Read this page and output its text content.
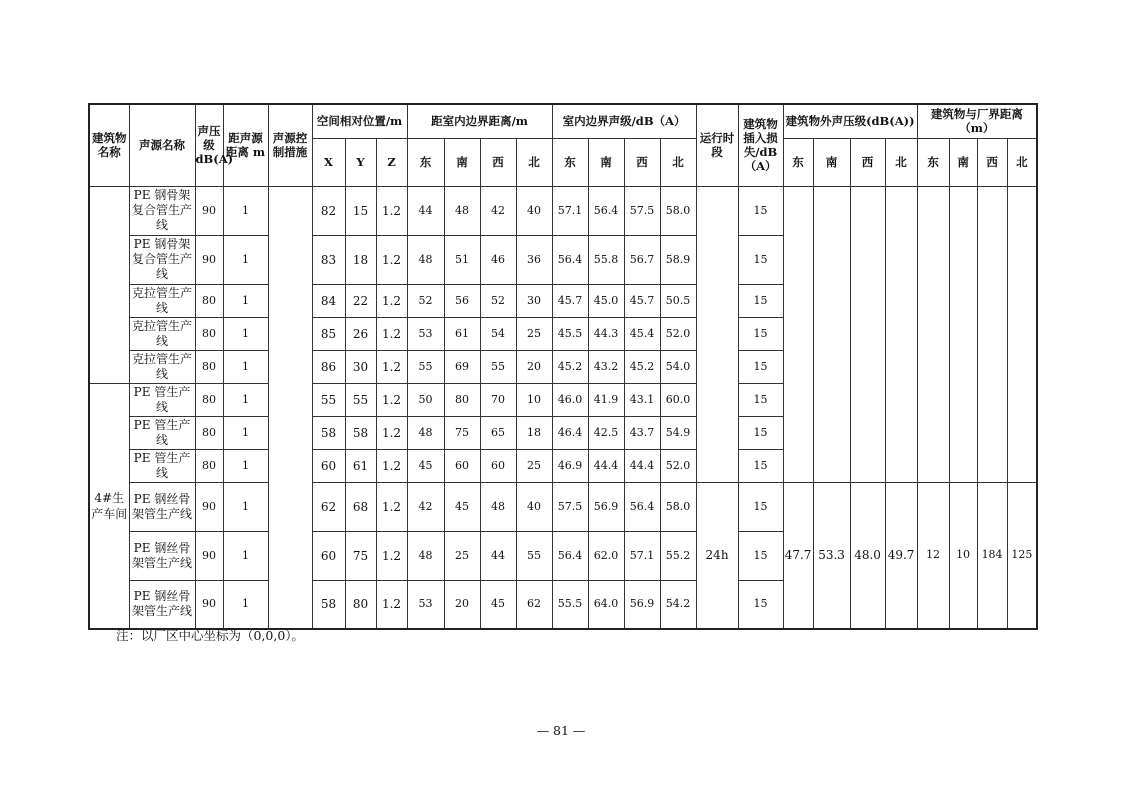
建筑物名称	声源名称	声压级dB(A)	距声源距离 m	声源控制措施	空间相对位置/m			距室内边界距离/m				室内边界声级/dB（A）				运行时段	建筑物插入损失/dB（A）	建筑物外声压级(dB(A))				建筑物与厂界距离（m）			
					X	Y	Z	东	南	西	北	东	南	西	北			东	南	西	北	东	南	西	北
	PE 钢骨架复合管生产线	90	1		82	15	1.2	44	48	42	40	57.1	56.4	57.5	58.0		15								
	PE 钢骨架复合管生产线	90	1		83	18	1.2	48	51	46	36	56.4	55.8	56.7	58.9		15								
	克拉管生产线	80	1		84	22	1.2	52	56	52	30	45.7	45.0	45.7	50.5		15								
	克拉管生产线	80	1		85	26	1.2	53	61	54	25	45.5	44.3	45.4	52.0		15								
	克拉管生产线	80	1		86	30	1.2	55	69	55	20	45.2	43.2	45.2	54.0		15								
4#生产车间	PE 管生产线	80	1		55	55	1.2	50	80	70	10	46.0	41.9	43.1	60.0		15								
	PE 管生产线	80	1		58	58	1.2	48	75	65	18	46.4	42.5	43.7	54.9		15								
	PE 管生产线	80	1		60	61	1.2	45	60	60	25	46.9	44.4	44.4	52.0		15								
	PE 钢丝骨架管生产线	90	1		62	68	1.2	42	45	48	40	57.5	56.9	56.4	58.0	24h	15	47.7	53.3	48.0	49.7	12	10	184	125
	PE 钢丝骨架管生产线	90	1		60	75	1.2	48	25	44	55	56.4	62.0	57.1	55.2		15								
	PE 钢丝骨架管生产线	90	1		58	80	1.2	53	20	45	62	55.5	64.0	56.9	54.2		15								
注：以厂区中心坐标为（0,0,0）。
— 81 —
